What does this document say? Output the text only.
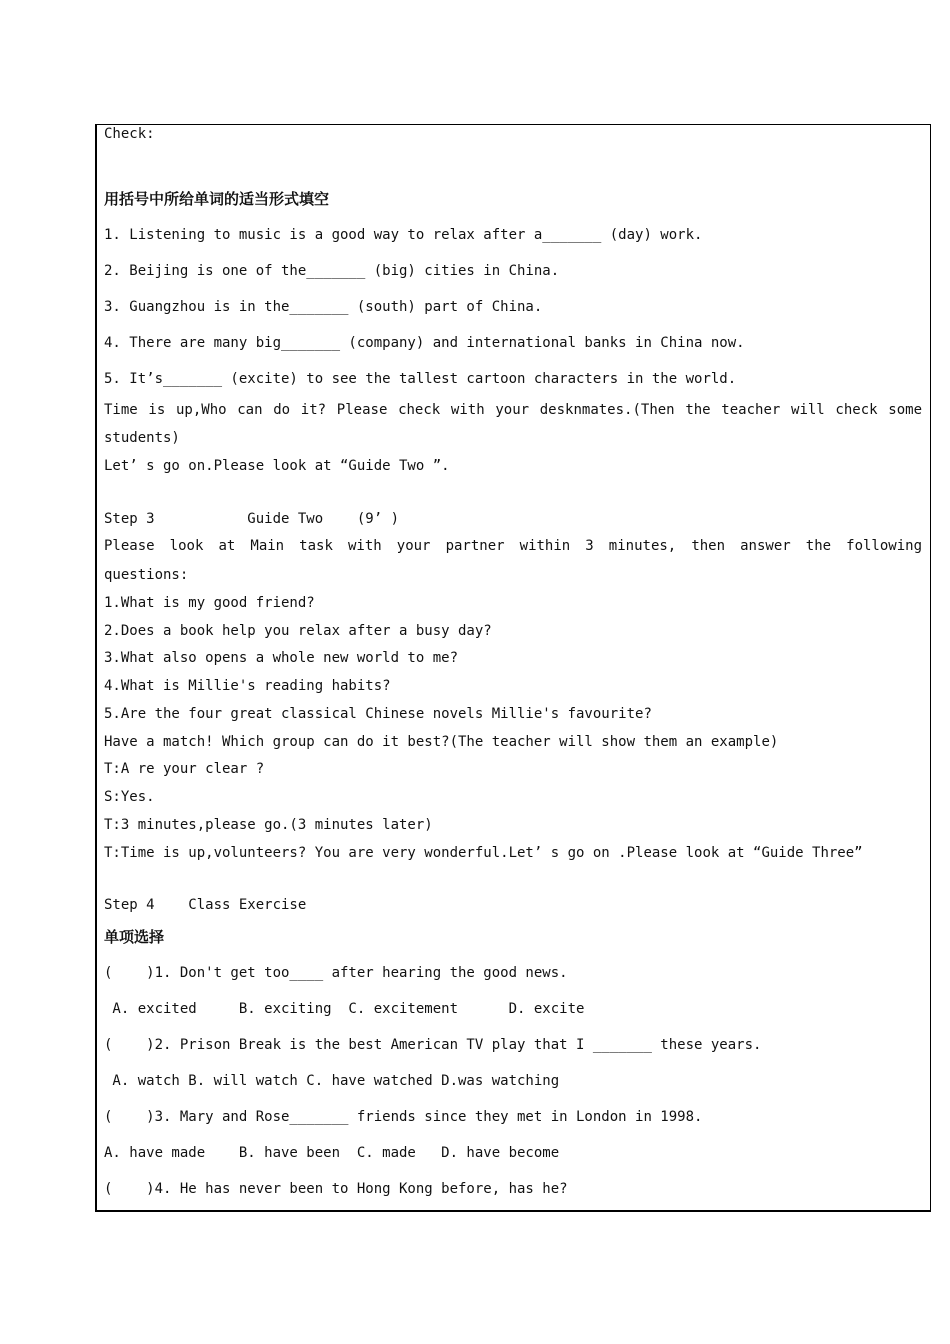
Check:
用括号中所给单词的适当形式填空
1. Listening to music is a good way to relax after a_______ (day) work.
2. Beijing is one of the_______ (big) cities in China.
3. Guangzhou is in the_______ (south) part of China.
4. There are many big_______ (company) and international banks in China now.
5. It’s_______ (excite) to see the tallest cartoon characters in the world.
Time is up,Who can do it? Please check with your desknmates.(Then the teacher will check some
students)
Let’ s go on.Please look at “Guide Two ”.
Step 3           Guide Two    (9’ )
Please look at Main task with your partner within 3 minutes, then answer the following
questions:
1.What is my good friend?
2.Does a book help you relax after a busy day?
3.What also opens a whole new world to me?
4.What is Millie's reading habits?
5.Are the four great classical Chinese novels Millie's favourite?
Have a match! Which group can do it best?(The teacher will show them an example)
T:A re your clear ?
S:Yes.
T:3 minutes,please go.(3 minutes later)
T:Time is up,volunteers? You are very wonderful.Let’ s go on .Please look at “Guide Three”
Step 4    Class Exercise
单项选择
(    )1. Don't get too____ after hearing the good news.
A. excited     B. exciting  C. excitement      D. excite
(    )2. Prison Break is the best American TV play that I _______ these years.
A. watch B. will watch C. have watched D.was watching
(    )3. Mary and Rose_______ friends since they met in London in 1998.
A. have made    B. have been  C. made   D. have become
(    )4. He has never been to Hong Kong before, has he?
